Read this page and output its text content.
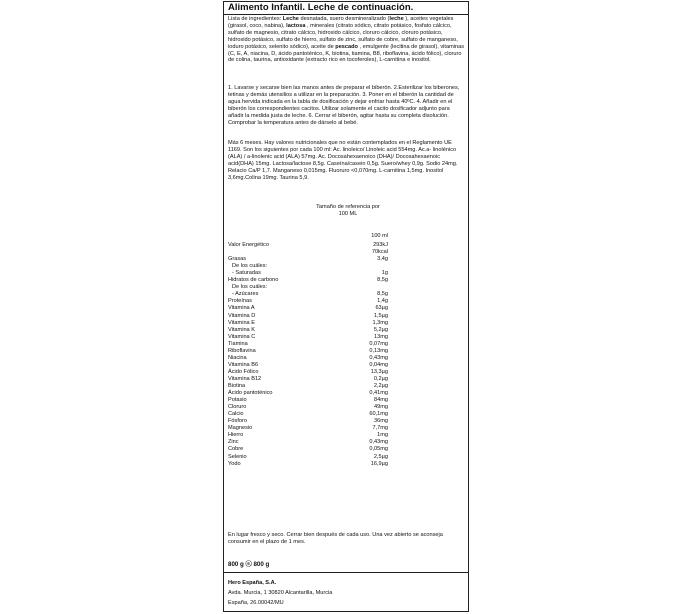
Alimento Infantil. Leche de continuación.
Lista de ingredientes: Leche desnatada, suero desmineralizado (leche ), aceites vegetales (girasol, coco, nabina), lactosa , minerales (citrato sódico, citrato potásico, fosfato cálcico, sulfato de magnesio, citrato cálcico, hidroxido cálcico, cloruro cálcico, cloruro potásico, hidroxido potásico, sulfato de hierro, sulfato de zinc, sulfato de cobre, sulfato de manganeso, ioduro potásico, selenito sódico), aceite de pescado , emulgente (lecitina de girasol), vitaminas (C, E, A, niacina, D, ácido pantoténico, K, biotina, tiamina, B8, riboflavina, ácido fólico), cloruro de colina, taurina, antioxidante (extracto rico en tocoferoles), L-carnitina e inositol.
1. Lavarse y secarse bien las manos antes de preparar el biberón. 2.Esterilizar los biberones, tetinas y demás utensilios a utilizar en la preparación. 3. Poner en el biberón la cantidad de agua hervida indicada en la tabla de dosificación y dejar enfriar hasta 40ºC. 4. Añadir en el biberón los correspondientes cacitos. Utilizar solamente el cacito dosificador adjunto para añadir la medida justa de leche. 6. Cerrar el biberón, agitar hasta su completa disolución. Comprobar la temperatura antes de dárselo al bebé.
Más 6 meses. Hay valores nutricionales que no están contemplados en el Reglamento UE 1169. Son los siguientes por cada 100 ml: Ac. linoleico/ Linoleic acid 554mg. Ac.a- linolénico (ALA) / a-linolenic acid (ALA) 57mg. Ac. Docosahexaenoico (DHA)/ Docosahexaenoic acid(DHA) 15mg. Lactosa/lactose 8,5g. Caseína/casein 0,5g. Suero/whey 0,9g. Sodio 24mg. Relacio Ca/P 1,7. Manganeso 0,015mg. Fluoruro <0,070mg. L-carnitina 1,5mg. Inositol 3,6mg.Colina 19mg. Taurina 5,9.
Tamaño de referencia por
100 ML
100 ml
Valor Energético	293kJ
70kcal
Grasas	3,4g
De los cuáles:
- Saturadas	1g
Hidratos de carbono	8,5g
De los cuáles:
- Azúcares	8,5g
Proteínas	1,4g
Vitamina A	63µg
Vitamina D	1,5µg
Vitamina E	1,3mg
Vitamina K	5,2µg
Vitamina C	13mg
Tiamina	0,07mg
Riboflavina	0,13mg
Niacina	0,43mg
Vitamina B6	0,04mg
Ácido Fólico	13,3µg
Vitamina B12	0,2µg
Biotina	2,2µg
Ácido pantoténico	0,41mg
Potasio	84mg
Cloruro	49mg
Calcio	60,1mg
Fósforo	36mg
Magnesio	7,7mg
Hierro	1mg
Zinc	0,43mg
Cobre	0,05mg
Selenio	2,5µg
Yodo	16,9µg
En lugar fresco y seco. Cerrar bien después de cada uso. Una vez abierto se aconseja consumir en el plazo de 1 mes.
800 g ⓔ 800 g
Hero España, S.A.
Avda. Murcia, 1 30820 Alcantarilla, Murcia
España, 26.00042/MU
